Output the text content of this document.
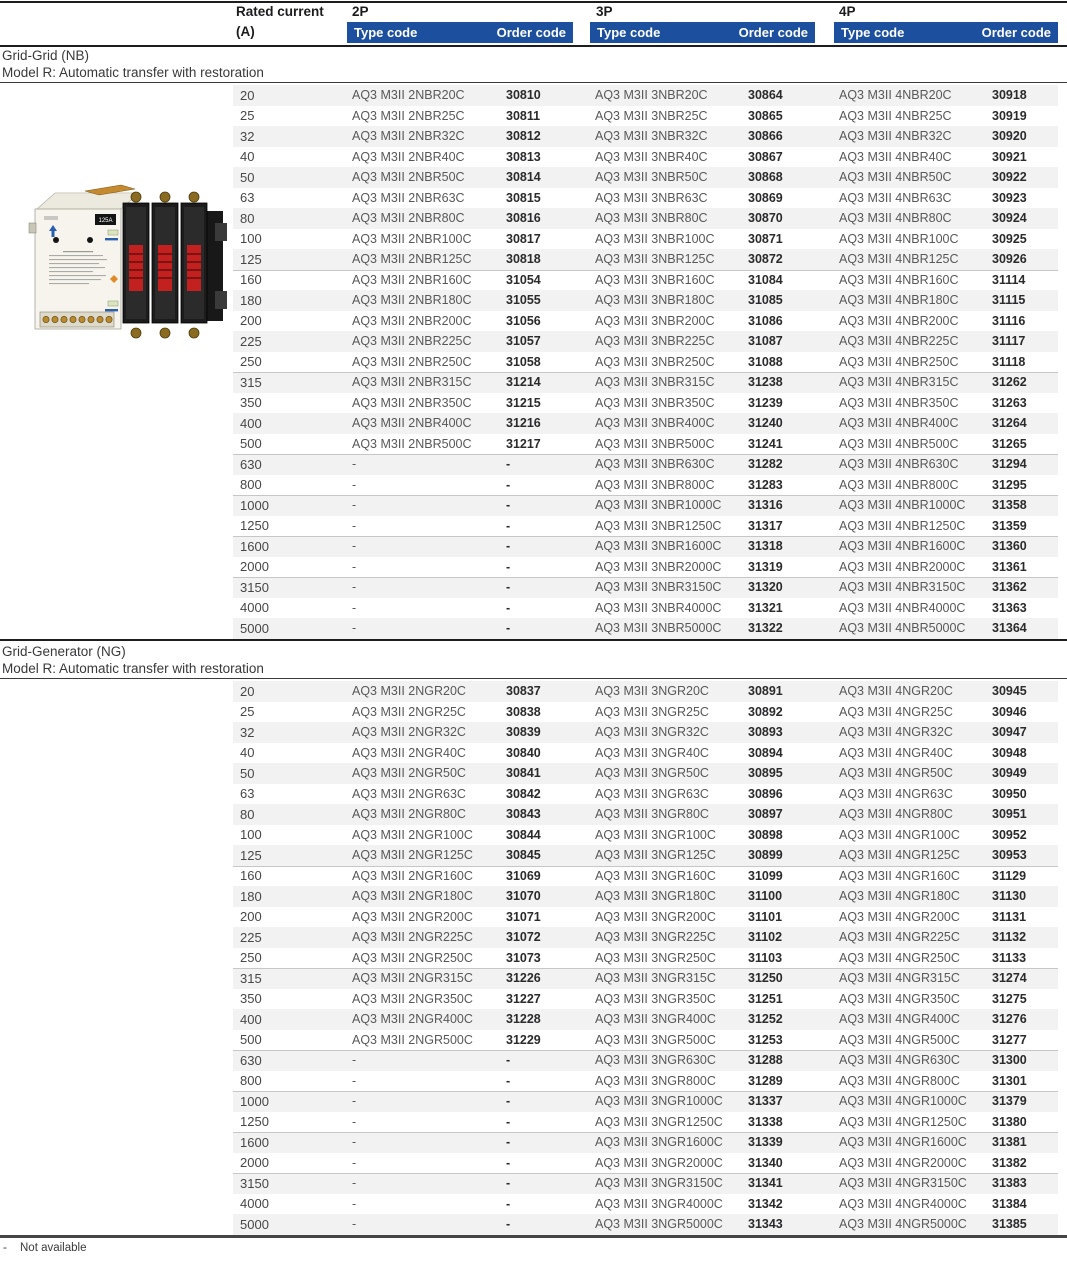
Rated current
(A)
2P	3P	4P
Type code	Order code Type code	Order code	Type code	Order code
Grid-Grid (NB)
Model R: Automatic transfer with restoration
20	AQ3 M3II 2NBR20C	30810	AQ3 M3II 3NBR20C	30864	AQ3 M3II 4NBR20C	30918
25	AQ3 M3II 2NBR25C	30811	AQ3 M3II 3NBR25C	30865	AQ3 M3II 4NBR25C	30919
32	AQ3 M3II 2NBR32C	30812	AQ3 M3II 3NBR32C	30866	AQ3 M3II 4NBR32C	30920
40	AQ3 M3II 2NBR40C	30813	AQ3 M3II 3NBR40C	30867	AQ3 M3II 4NBR40C	30921
50	AQ3 M3II 2NBR50C	30814	AQ3 M3II 3NBR50C	30868	AQ3 M3II 4NBR50C	30922
63	AQ3 M3II 2NBR63C	30815	AQ3 M3II 3NBR63C	30869	AQ3 M3II 4NBR63C	30923
80	AQ3 M3II 2NBR80C	30816	AQ3 M3II 3NBR80C	30870	AQ3 M3II 4NBR80C	30924
100	AQ3 M3II 2NBR100C	30817	AQ3 M3II 3NBR100C	30871	AQ3 M3II 4NBR100C	30925
125	AQ3 M3II 2NBR125C	30818	AQ3 M3II 3NBR125C	30872	AQ3 M3II 4NBR125C	30926
160	AQ3 M3II 2NBR160C	31054	AQ3 M3II 3NBR160C	31084	AQ3 M3II 4NBR160C	31114
180	AQ3 M3II 2NBR180C	31055	AQ3 M3II 3NBR180C	31085	AQ3 M3II 4NBR180C	31115
200	AQ3 M3II 2NBR200C	31056	AQ3 M3II 3NBR200C	31086	AQ3 M3II 4NBR200C	31116
225	AQ3 M3II 2NBR225C	31057	AQ3 M3II 3NBR225C	31087	AQ3 M3II 4NBR225C	31117
250	AQ3 M3II 2NBR250C	31058	AQ3 M3II 3NBR250C	31088	AQ3 M3II 4NBR250C	31118
315	AQ3 M3II 2NBR315C	31214	AQ3 M3II 3NBR315C	31238	AQ3 M3II 4NBR315C	31262
350	AQ3 M3II 2NBR350C	31215	AQ3 M3II 3NBR350C	31239	AQ3 M3II 4NBR350C	31263
400	AQ3 M3II 2NBR400C	31216	AQ3 M3II 3NBR400C	31240	AQ3 M3II 4NBR400C	31264
500	AQ3 M3II 2NBR500C	31217	AQ3 M3II 3NBR500C	31241	AQ3 M3II 4NBR500C	31265
630	-	-	AQ3 M3II 3NBR630C	31282	AQ3 M3II 4NBR630C	31294
800	-	-	AQ3 M3II 3NBR800C	31283	AQ3 M3II 4NBR800C	31295
1000	-	-	AQ3 M3II 3NBR1000C	31316	AQ3 M3II 4NBR1000C	31358
1250	-	-	AQ3 M3II 3NBR1250C	31317	AQ3 M3II 4NBR1250C	31359
1600	-	-	AQ3 M3II 3NBR1600C	31318	AQ3 M3II 4NBR1600C	31360
2000	-	-	AQ3 M3II 3NBR2000C	31319	AQ3 M3II 4NBR2000C	31361
3150	-	-	AQ3 M3II 3NBR3150C	31320	AQ3 M3II 4NBR3150C	31362
4000	-	-	AQ3 M3II 3NBR4000C	31321	AQ3 M3II 4NBR4000C	31363
5000	-	-	AQ3 M3II 3NBR5000C	31322	AQ3 M3II 4NBR5000C	31364
125A
Grid-Generator (NG)
Model R: Automatic transfer with restoration
20	AQ3 M3II 2NGR20C	30837	AQ3 M3II 3NGR20C	30891	AQ3 M3II 4NGR20C	30945
25	AQ3 M3II 2NGR25C	30838	AQ3 M3II 3NGR25C	30892	AQ3 M3II 4NGR25C	30946
32	AQ3 M3II 2NGR32C	30839	AQ3 M3II 3NGR32C	30893	AQ3 M3II 4NGR32C	30947
40	AQ3 M3II 2NGR40C	30840	AQ3 M3II 3NGR40C	30894	AQ3 M3II 4NGR40C	30948
50	AQ3 M3II 2NGR50C	30841	AQ3 M3II 3NGR50C	30895	AQ3 M3II 4NGR50C	30949
63	AQ3 M3II 2NGR63C	30842	AQ3 M3II 3NGR63C	30896	AQ3 M3II 4NGR63C	30950
80	AQ3 M3II 2NGR80C	30843	AQ3 M3II 3NGR80C	30897	AQ3 M3II 4NGR80C	30951
100	AQ3 M3II 2NGR100C	30844	AQ3 M3II 3NGR100C	30898	AQ3 M3II 4NGR100C	30952
125	AQ3 M3II 2NGR125C	30845	AQ3 M3II 3NGR125C	30899	AQ3 M3II 4NGR125C	30953
160	AQ3 M3II 2NGR160C	31069	AQ3 M3II 3NGR160C	31099	AQ3 M3II 4NGR160C	31129
180	AQ3 M3II 2NGR180C	31070	AQ3 M3II 3NGR180C	31100	AQ3 M3II 4NGR180C	31130
200	AQ3 M3II 2NGR200C	31071	AQ3 M3II 3NGR200C	31101	AQ3 M3II 4NGR200C	31131
225	AQ3 M3II 2NGR225C	31072	AQ3 M3II 3NGR225C	31102	AQ3 M3II 4NGR225C	31132
250	AQ3 M3II 2NGR250C	31073	AQ3 M3II 3NGR250C	31103	AQ3 M3II 4NGR250C	31133
315	AQ3 M3II 2NGR315C	31226	AQ3 M3II 3NGR315C	31250	AQ3 M3II 4NGR315C	31274
350	AQ3 M3II 2NGR350C	31227	AQ3 M3II 3NGR350C	31251	AQ3 M3II 4NGR350C	31275
400	AQ3 M3II 2NGR400C	31228	AQ3 M3II 3NGR400C	31252	AQ3 M3II 4NGR400C	31276
500	AQ3 M3II 2NGR500C	31229	AQ3 M3II 3NGR500C	31253	AQ3 M3II 4NGR500C	31277
630	-	-	AQ3 M3II 3NGR630C	31288	AQ3 M3II 4NGR630C	31300
800	-	-	AQ3 M3II 3NGR800C	31289	AQ3 M3II 4NGR800C	31301
1000	-	-	AQ3 M3II 3NGR1000C	31337	AQ3 M3II 4NGR1000C	31379
1250	-	-	AQ3 M3II 3NGR1250C	31338	AQ3 M3II 4NGR1250C	31380
1600	-	-	AQ3 M3II 3NGR1600C	31339	AQ3 M3II 4NGR1600C	31381
2000	-	-	AQ3 M3II 3NGR2000C	31340	AQ3 M3II 4NGR2000C	31382
3150	-	-	AQ3 M3II 3NGR3150C	31341	AQ3 M3II 4NGR3150C	31383
4000	-	-	AQ3 M3II 3NGR4000C	31342	AQ3 M3II 4NGR4000C	31384
5000	-	-	AQ3 M3II 3NGR5000C	31343	AQ3 M3II 4NGR5000C	31385
- Not available
